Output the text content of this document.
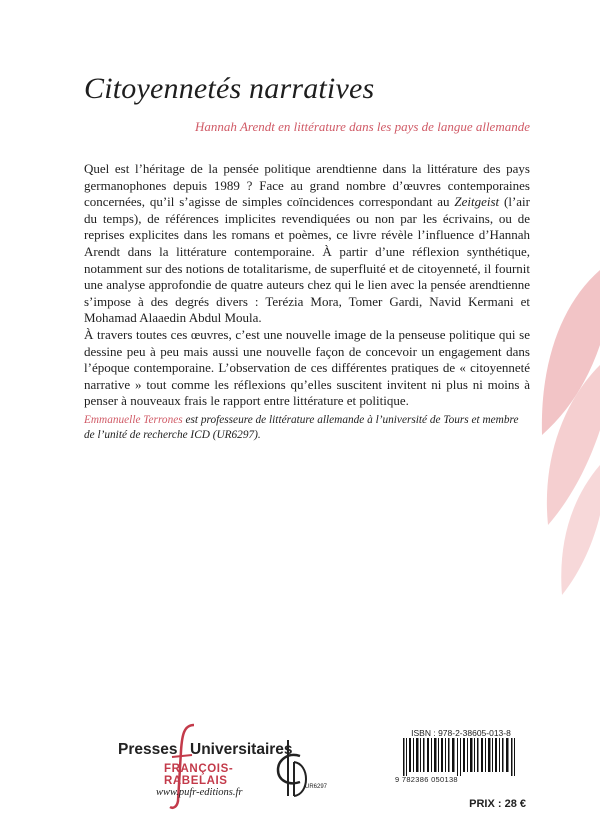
Citoyennetés narratives
Hannah Arendt en littérature dans les pays de langue allemande

Quel est l’héritage de la pensée politique arendtienne dans la littérature des pays germanophones depuis 1989 ? Face au grand nombre d’œuvres contemporaines concernées, qu’il s’agisse de simples coïncidences correspondant au Zeitgeist (l’air du temps), de références implicites revendiquées ou non par les écrivains, ou de reprises explicites dans les romans et poèmes, ce livre révèle l’influence d’Hannah Arendt dans la littérature contemporaine. À partir d’une réflexion synthétique, notamment sur des notions de totalitarisme, de superfluité et de citoyenneté, il fournit une analyse approfondie de quatre auteurs chez qui le lien avec la pensée arendtienne s’impose à des degrés divers : Terézia Mora, Tomer Gardi, Navid Kermani et Mohamad Alaaedin Abdul Moula.

À travers toutes ces œuvres, c’est une nouvelle image de la penseuse politique qui se dessine peu à peu mais aussi une nouvelle façon de concevoir un engagement dans l’époque contemporaine. L’observation de ces différentes pratiques de « citoyenneté narrative » tout comme les réflexions qu’elles suscitent invitent ni plus ni moins à penser à nouveaux frais le rapport entre littérature et politique.

Emmanuelle Terrones est professeure de littérature allemande à l’université de Tours et membre de l’unité de recherche ICD (UR6297).
Presses Universitaires
FRANÇOIS-RABELAIS
www.pufr-editions.fr	UR6297
ISBN : 978-2-38605-013-8
9 782386 050138
PRIX : 28 €
